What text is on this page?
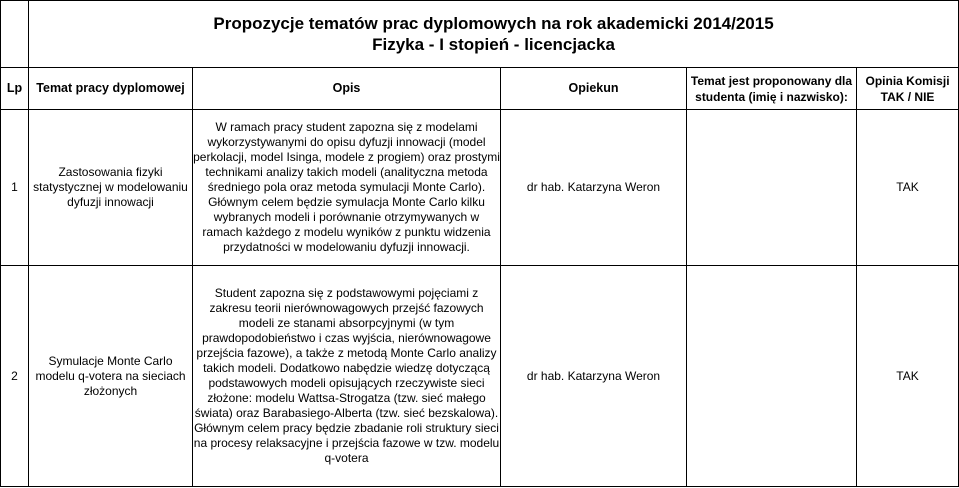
	Propozycje tematów prac dyplomowych na rok akademicki 2014/2015
Fizyka - I stopień - licencjacka				

Lp	Temat pracy dyplomowej	Opis	Opiekun	Temat jest proponowany dla studenta (imię i nazwisko):	Opinia Komisji TAK / NIE
1	Zastosowania fizyki statystycznej w modelowaniu dyfuzji innowacji	W ramach pracy student zapozna się z modelami wykorzystywanymi do opisu dyfuzji innowacji (model perkolacji, model Isinga, modele z progiem) oraz prostymi technikami analizy takich modeli (analityczna metoda średniego pola oraz metoda symulacji Monte Carlo). Głównym celem będzie symulacja Monte Carlo kilku wybranych modeli i porównanie otrzymywanych w ramach każdego z modelu wyników z punktu widzenia przydatności w modelowaniu dyfuzji innowacji.	dr hab. Katarzyna Weron		TAK
2	Symulacje Monte Carlo modelu q-votera na sieciach złożonych	Student zapozna się z podstawowymi pojęciami z zakresu teorii nierównowagowych przejść fazowych modeli ze stanami absorpcyjnymi (w tym prawdopodobieństwo i czas wyjścia, nierównowagowe przejścia fazowe), a także z metodą Monte Carlo analizy takich modeli. Dodatkowo nabędzie wiedzę dotyczącą podstawowych modeli opisujących rzeczywiste sieci złożone: modelu Wattsa-Strogatza (tzw. sieć małego świata) oraz Barabasiego-Alberta (tzw. sieć bezskalowa). Głównym celem pracy będzie zbadanie roli struktury sieci na procesy relaksacyjne i przejścia fazowe w tzw. modelu q-votera	dr hab. Katarzyna Weron		TAK
